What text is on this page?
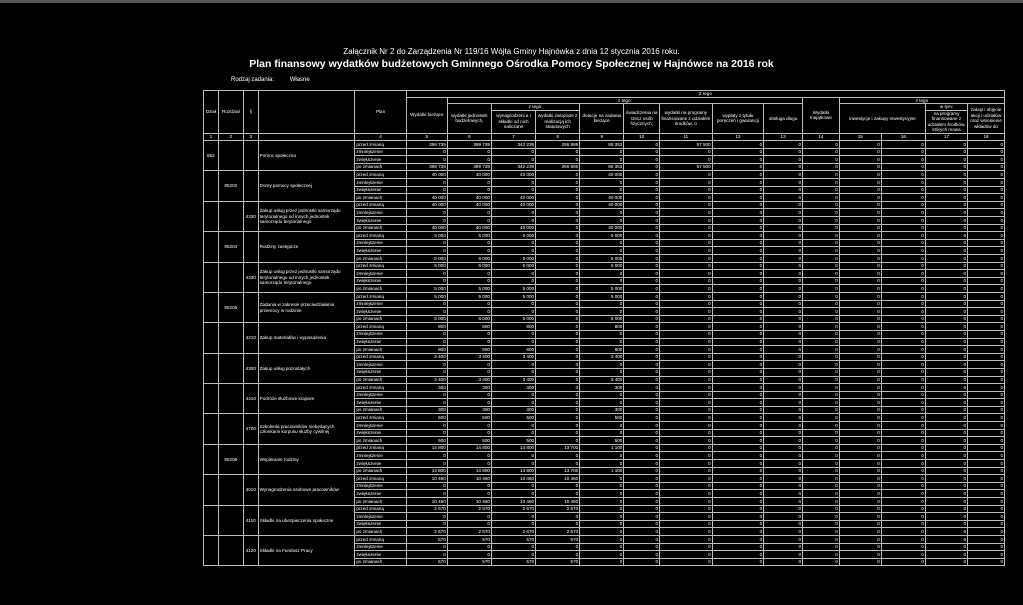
Załącznik Nr 2 do Zarządzenia Nr 119/16 Wójta Gminy Hajnówka z dnia 12 stycznia 2016 roku.
Plan finansowy wydatków budżetowych Gminnego Ośrodka Pomocy Społecznej w Hajnówce na 2016 rok
Rodzaj zadania:	Własne
Dział	Rozdział	§		Plan	Z tego													
					Wydatki bieżące	z tego:								Wydatki majątkowe	z tego			
						wydatki jednostek budżetowych,	z tego:		dotacje na zadania bieżące	świadczenia na rzecz osób fizycznych;	wydatki na programy finansowane z udziałem środków, o	wypłaty z tytułu poręczeń i gwarancji	obsługa długu		inwestycje i zakupy inwestycyjne		w tym:	zakup i objęcie akcji i udziałów oraz wniesienie wkładów do
							wynagrodzeni a i składki od nich naliczane	wydatki związane z realizacją ich statutowych									na programy finansowane z udziałem środków, których mowa	

1	2	3		4	5	6	7	8	9	10	11	12	13	14	15	16	17	18
852			Pomoc społeczna	przed zmianą	399 739	399 739	342 239	256 886	85 353	0	57 500	0	0	0	0	0	0	0
				zmniejszenie	0	0	0	0	0	0	0	0	0	0	0	0	0	0
				zwiększenie	0	0	0	0	0	0	0	0	0	0	0	0	0	0
				po zmianach	399 739	399 739	342 239	256 886	85 353	0	57 500	0	0	0	0	0	0	0
	85202		Domy pomocy społecznej	przed zmianą	40 000	40 000	40 000	0	40 000	0	0	0	0	0	0	0	0	0
				zmniejszenie	0	0	0	0	0	0	0	0	0	0	0	0	0	0
				zwiększenie	0	0	0	0	0	0	0	0	0	0	0	0	0	0
				po zmianach	40 000	40 000	40 000	0	40 000	0	0	0	0	0	0	0	0	0
		4330	Zakup usług przez jednostki samorządu terytorialnego od innych jednostek samorządu terytorialnego	przed zmianą	40 000	40 000	40 000	0	40 000	0	0	0	0	0	0	0	0	0
				zmniejszenie	0	0	0	0	0	0	0	0	0	0	0	0	0	0
				zwiększenie	0	0	0	0	0	0	0	0	0	0	0	0	0	0
				po zmianach	40 000	40 000	40 000	0	40 000	0	0	0	0	0	0	0	0	0
	85204		Rodziny zastępcze	przed zmianą	5 000	5 000	5 000	0	5 000	0	0	0	0	0	0	0	0	0
				zmniejszenie	0	0	0	0	0	0	0	0	0	0	0	0	0	0
				zwiększenie	0	0	0	0	0	0	0	0	0	0	0	0	0	0
				po zmianach	5 000	5 000	5 000	0	5 000	0	0	0	0	0	0	0	0	0
		4330	Zakup usług przez jednostki samorządu terytorialnego od innych jednostek samorządu terytorialnego	przed zmianą	5 000	5 000	5 000	0	5 000	0	0	0	0	0	0	0	0	0
				zmniejszenie	0	0	0	0	0	0	0	0	0	0	0	0	0	0
				zwiększenie	0	0	0	0	0	0	0	0	0	0	0	0	0	0
				po zmianach	5 000	5 000	5 000	0	5 000	0	0	0	0	0	0	0	0	0
	85205		Zadania w zakresie przeciwdziałania przemocy w rodzinie	przed zmianą	5 000	5 000	5 000	0	5 000	0	0	0	0	0	0	0	0	0
				zmniejszenie	0	0	0	0	0	0	0	0	0	0	0	0	0	0
				zwiększenie	0	0	0	0	0	0	0	0	0	0	0	0	0	0
				po zmianach	5 000	5 000	5 000	0	5 000	0	0	0	0	0	0	0	0	0
		4210	Zakup materiałów i wyposażenia	przed zmianą	800	800	800	0	800	0	0	0	0	0	0	0	0	0
				zmniejszenie	0	0	0	0	0	0	0	0	0	0	0	0	0	0
				zwiększenie	0	0	0	0	0	0	0	0	0	0	0	0	0	0
				po zmianach	800	800	800	0	800	0	0	0	0	0	0	0	0	0
		4300	Zakup usług pozostałych	przed zmianą	3 400	3 400	3 400	0	3 400	0	0	0	0	0	0	0	0	0
				zmniejszenie	0	0	0	0	0	0	0	0	0	0	0	0	0	0
				zwiększenie	0	0	0	0	0	0	0	0	0	0	0	0	0	0
				po zmianach	3 400	3 400	3 400	0	3 400	0	0	0	0	0	0	0	0	0
		4410	Podróże służbowe krajowe	przed zmianą	300	300	300	0	300	0	0	0	0	0	0	0	0	0
				zmniejszenie	0	0	0	0	0	0	0	0	0	0	0	0	0	0
				zwiększenie	0	0	0	0	0	0	0	0	0	0	0	0	0	0
				po zmianach	300	300	300	0	300	0	0	0	0	0	0	0	0	0
		4700	Szkolenia pracowników niebędących członkami korpusu służby cywilnej	przed zmianą	500	500	500	0	500	0	0	0	0	0	0	0	0	0
				zmniejszenie	0	0	0	0	0	0	0	0	0	0	0	0	0	0
				zwiększenie	0	0	0	0	0	0	0	0	0	0	0	0	0	0
				po zmianach	500	500	500	0	500	0	0	0	0	0	0	0	0	0
	85206		Wspieranie rodziny	przed zmianą	14 800	14 800	14 800	13 700	1 100	0	0	0	0	0	0	0	0	0
				zmniejszenie	0	0	0	0	0	0	0	0	0	0	0	0	0	0
				zwiększenie	0	0	0	0	0	0	0	0	0	0	0	0	0	0
				po zmianach	14 800	14 800	14 800	13 700	1 100	0	0	0	0	0	0	0	0	0
		4010	Wynagrodzenia osobowe pracowników	przed zmianą	10 460	10 460	10 460	10 460	0	0	0	0	0	0	0	0	0	0
				zmniejszenie	0	0	0	0	0	0	0	0	0	0	0	0	0	0
				zwiększenie	0	0	0	0	0	0	0	0	0	0	0	0	0	0
				po zmianach	10 460	10 460	10 460	10 460	0	0	0	0	0	0	0	0	0	0
		4110	Składki na ubezpieczenia społeczne	przed zmianą	2 670	2 670	2 670	2 670	0	0	0	0	0	0	0	0	0	0
				zmniejszenie	0	0	0	0	0	0	0	0	0	0	0	0	0	0
				zwiększenie	0	0	0	0	0	0	0	0	0	0	0	0	0	0
				po zmianach	2 670	2 670	2 670	2 670	0	0	0	0	0	0	0	0	0	0
		4120	Składki na Fundusz Pracy	przed zmianą	570	570	570	570	0	0	0	0	0	0	0	0	0	0
				zmniejszenie	0	0	0	0	0	0	0	0	0	0	0	0	0	0
				zwiększenie	0	0	0	0	0	0	0	0	0	0	0	0	0	0
				po zmianach	570	570	570	570	0	0	0	0	0	0	0	0	0	0
